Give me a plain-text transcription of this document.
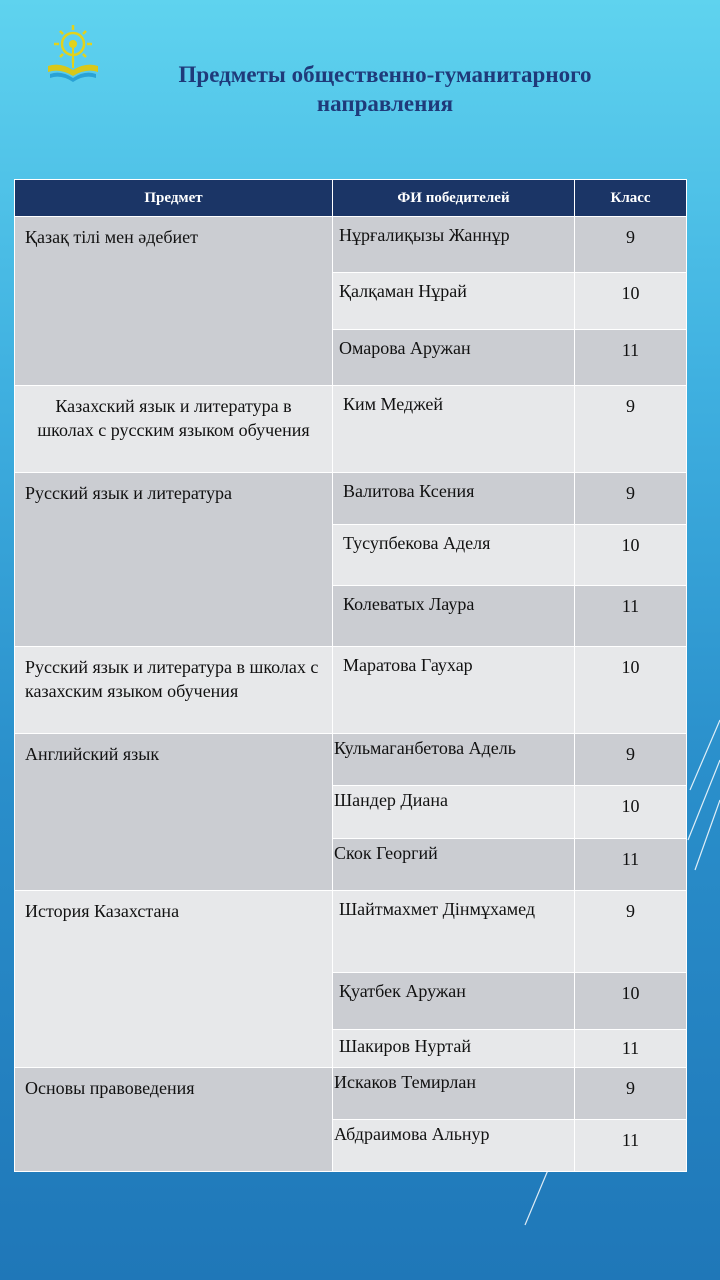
Предметы общественно-гуманитарного направления
Предмет	ФИ победителей	Класс
Қазақ тілі мен әдебиет	Нұрғалиқызы Жаннұр	9
	Қалқаман Нұрай	10
	Омарова Аружан	11
Казахский язык и литература в школах с русским языком обучения	Ким Меджей	9
Русский язык и литература	Валитова Ксения	9
	Тусупбекова Аделя	10
	Колеватых Лаура	11
Русский язык и литература в школах с казахским языком обучения	Маратова Гаухар	10
Английский язык	Кульмаганбетова Адель	9
	Шандер Диана	10
	Скок Георгий	11
История Казахстана	Шайтмахмет Дінмұхамед	9
	Қуатбек Аружан	10
	Шакиров Нуртай	11
Основы правоведения	Искаков Темирлан	9
	Абдраимова Альнур	11
